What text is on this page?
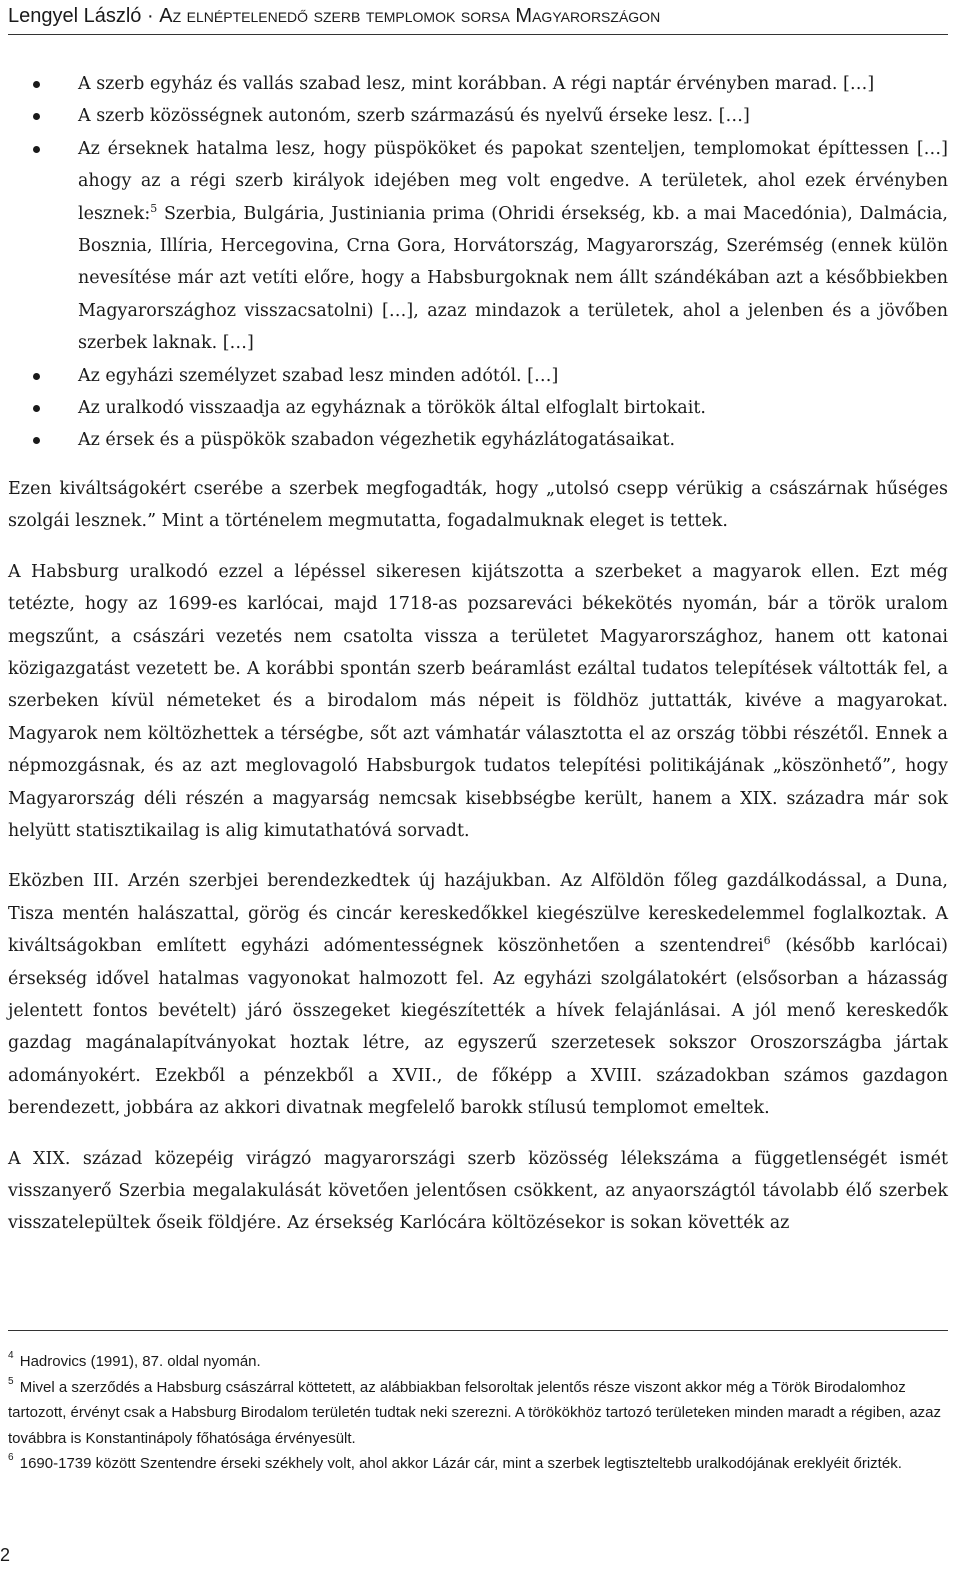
Lengyel László · Az elnéptelenedő szerb templomok sorsa Magyarországon
A szerb egyház és vallás szabad lesz, mint korábban. A régi naptár érvényben marad. […]
A szerb közösségnek autonóm, szerb származású és nyelvű érseke lesz. […]
Az érseknek hatalma lesz, hogy püspököket és papokat szenteljen, templomokat építtessen […] ahogy az a régi szerb királyok idejében meg volt engedve. A területek, ahol ezek érvényben lesznek:$^5$ Szerbia, Bulgária, Justiniania prima (Ohridi érsekség, kb. a mai Macedónia), Dalmácia, Bosznia, Illíria, Hercegovina, Crna Gora, Horvátország, Magyarország, Szerémség (ennek külön nevesítése már azt vetíti előre, hogy a Habsburgoknak nem állt szándékában azt a későbbiekben Magyarországhoz visszacsatolni) […], azaz mindazok a területek, ahol a jelenben és a jövőben szerbek laknak. […]
Az egyházi személyzet szabad lesz minden adótól. […]
Az uralkodó visszaadja az egyháznak a törökök által elfoglalt birtokait.
Az érsek és a püspökök szabadon végezhetik egyházlátogatásaikat.

Ezen kiváltságokért cserébe a szerbek megfogadták, hogy „utolsó csepp vérükig a császárnak hűséges szolgái lesznek.” Mint a történelem megmutatta, fogadalmuknak eleget is tettek.

A Habsburg uralkodó ezzel a lépéssel sikeresen kijátszotta a szerbeket a magyarok ellen. Ezt még tetézte, hogy az 1699-es karlócai, majd 1718-as pozsareváci békekötés nyomán, bár a török uralom megszűnt, a császári vezetés nem csatolta vissza a területet Magyarországhoz, hanem ott katonai közigazgatást vezetett be. A korábbi spontán szerb beáramlást ezáltal tudatos telepítések váltották fel, a szerbeken kívül németeket és a birodalom más népeit is földhöz juttatták, kivéve a magyarokat. Magyarok nem költözhettek a térségbe, sőt azt vámhatár választotta el az ország többi részétől. Ennek a népmozgásnak, és az azt meglovagoló Habsburgok tudatos telepítési politikájának „köszönhető”, hogy Magyarország déli részén a magyarság nemcsak kisebbségbe került, hanem a XIX. századra már sok helyütt statisztikailag is alig kimutathatóvá sorvadt.

Eközben III. Arzén szerbjei berendezkedtek új hazájukban. Az Alföldön főleg gazdálkodással, a Duna, Tisza mentén halászattal, görög és cincár kereskedőkkel kiegészülve kereskedelemmel foglalkoztak. A kiváltságokban említett egyházi adómentességnek köszönhetően a szentendrei$^6$ (később karlócai) érsekség idővel hatalmas vagyonokat halmozott fel. Az egyházi szolgálatokért (elsősorban a házasság jelentett fontos bevételt) járó összegeket kiegészítették a hívek felajánlásai. A jól menő kereskedők gazdag magánalapítványokat hoztak létre, az egyszerű szerzetesek sokszor Oroszországba jártak adományokért. Ezekből a pénzekből a XVII., de főképp a XVIII. századokban számos gazdagon berendezett, jobbára az akkori divatnak megfelelő barokk stílusú templomot emeltek.

A XIX. század közepéig virágzó magyarországi szerb közösség lélekszáma a függetlenségét ismét visszanyerő Szerbia megalakulását követően jelentősen csökkent, az anyaországtól távolabb élő szerbek visszatelepültek őseik földjére. Az érsekség Karlócára költözésekor is sokan követték az

$^4$ Hadrovics (1991), 87. oldal nyomán.

$^5$ Mivel a szerződés a Habsburg császárral köttetett, az alábbiakban felsoroltak jelentős része viszont akkor még a Török Birodalomhoz tartozott, érvényt csak a Habsburg Birodalom területén tudtak neki szerezni. A törökökhöz tartozó területeken minden maradt a régiben, azaz továbbra is Konstantinápoly főhatósága érvényesült.

$^6$ 1690-1739 között Szentendre érseki székhely volt, ahol akkor Lázár cár, mint a szerbek legtiszteltebb uralkodójának ereklyéit őrizték.

2
